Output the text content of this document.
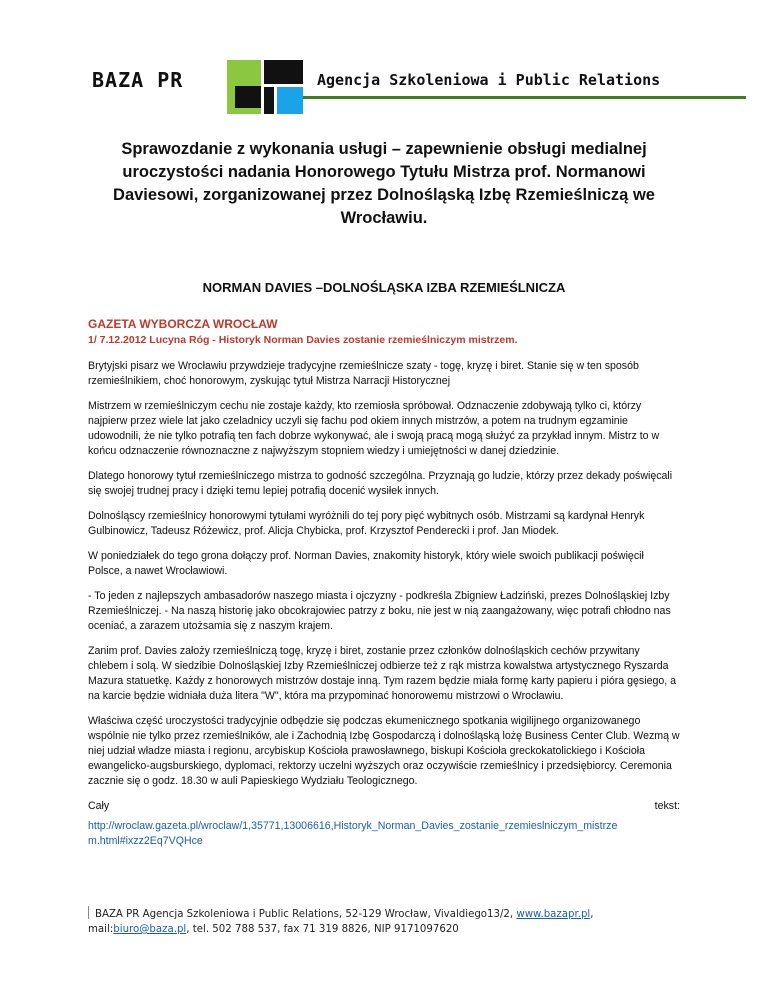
BAZA PR	Agencja Szkoleniowa i Public Relations
Sprawozdanie z wykonania usługi – zapewnienie obsługi medialnej uroczystości nadania Honorowego Tytułu Mistrza prof. Normanowi Daviesowi, zorganizowanej przez Dolnośląską Izbę Rzemieślniczą we Wrocławiu.
NORMAN DAVIES –DOLNOŚLĄSKA IZBA RZEMIEŚLNICZA
GAZETA WYBORCZA WROCŁAW
1/ 7.12.2012 Lucyna Róg - Historyk Norman Davies zostanie rzemieślniczym mistrzem.

Brytyjski pisarz we Wrocławiu przywdzieje tradycyjne rzemieślnicze szaty - togę, kryzę i biret. Stanie się w ten sposób rzemieślnikiem, choć honorowym, zyskując tytuł Mistrza Narracji Historycznej

Mistrzem w rzemieślniczym cechu nie zostaje każdy, kto rzemiosła spróbował. Odznaczenie zdobywają tylko ci, którzy najpierw przez wiele lat jako czeladnicy uczyli się fachu pod okiem innych mistrzów, a potem na trudnym egzaminie udowodnili, że nie tylko potrafią ten fach dobrze wykonywać, ale i swoją pracą mogą służyć za przykład innym. Mistrz to w końcu odznaczenie równoznaczne z najwyższym stopniem wiedzy i umiejętności w danej dziedzinie.

Dlatego honorowy tytuł rzemieślniczego mistrza to godność szczególna. Przyznają go ludzie, którzy przez dekady poświęcali się swojej trudnej pracy i dzięki temu lepiej potrafią docenić wysiłek innych.

Dolnośląscy rzemieślnicy honorowymi tytułami wyróżnili do tej pory pięć wybitnych osób. Mistrzami są kardynał Henryk Gulbinowicz, Tadeusz Różewicz, prof. Alicja Chybicka, prof. Krzysztof Penderecki i prof. Jan Miodek.

W poniedziałek do tego grona dołączy prof. Norman Davies, znakomity historyk, który wiele swoich publikacji poświęcił Polsce, a nawet Wrocławiowi.

- To jeden z najlepszych ambasadorów naszego miasta i ojczyzny - podkreśla Zbigniew Ładziński, prezes Dolnośląskiej Izby Rzemieślniczej. - Na naszą historię jako obcokrajowiec patrzy z boku, nie jest w nią zaangażowany, więc potrafi chłodno nas oceniać, a zarazem utożsamia się z naszym krajem.

Zanim prof. Davies założy rzemieślniczą togę, kryzę i biret, zostanie przez członków dolnośląskich cechów przywitany chlebem i solą. W siedzibie Dolnośląskiej Izby Rzemieślniczej odbierze też z rąk mistrza kowalstwa artystycznego Ryszarda Mazura statuetkę. Każdy z honorowych mistrzów dostaje inną. Tym razem będzie miała formę karty papieru i pióra gęsiego, a na karcie będzie widniała duża litera "W", która ma przypominać honorowemu mistrzowi o Wrocławiu.

Właściwa część uroczystości tradycyjnie odbędzie się podczas ekumenicznego spotkania wigilijnego organizowanego wspólnie nie tylko przez rzemieślników, ale i Zachodnią Izbę Gospodarczą i dolnośląską lożę Business Center Club. Wezmą w niej udział władze miasta i regionu, arcybiskup Kościoła prawosławnego, biskupi Kościoła greckokatolickiego i Kościoła ewangelicko-augsburskiego, dyplomaci, rektorzy uczelni wyższych oraz oczywiście rzemieślnicy i przedsiębiorcy. Ceremonia zacznie się o godz. 18.30 w auli Papieskiego Wydziału Teologicznego.

Cały	tekst:

http://wroclaw.gazeta.pl/wroclaw/1,35771,13006616,Historyk_Norman_Davies_zostanie_rzemieslniczym_mistrze m.html#ixzz2Eq7VQHce

BAZA PR Agencja Szkoleniowa i Public Relations, 52-129 Wrocław, Vivaldiego13/2, www.bazapr.pl,
mail:biuro@baza.pl, tel. 502 788 537, fax 71 319 8826, NIP 9171097620
